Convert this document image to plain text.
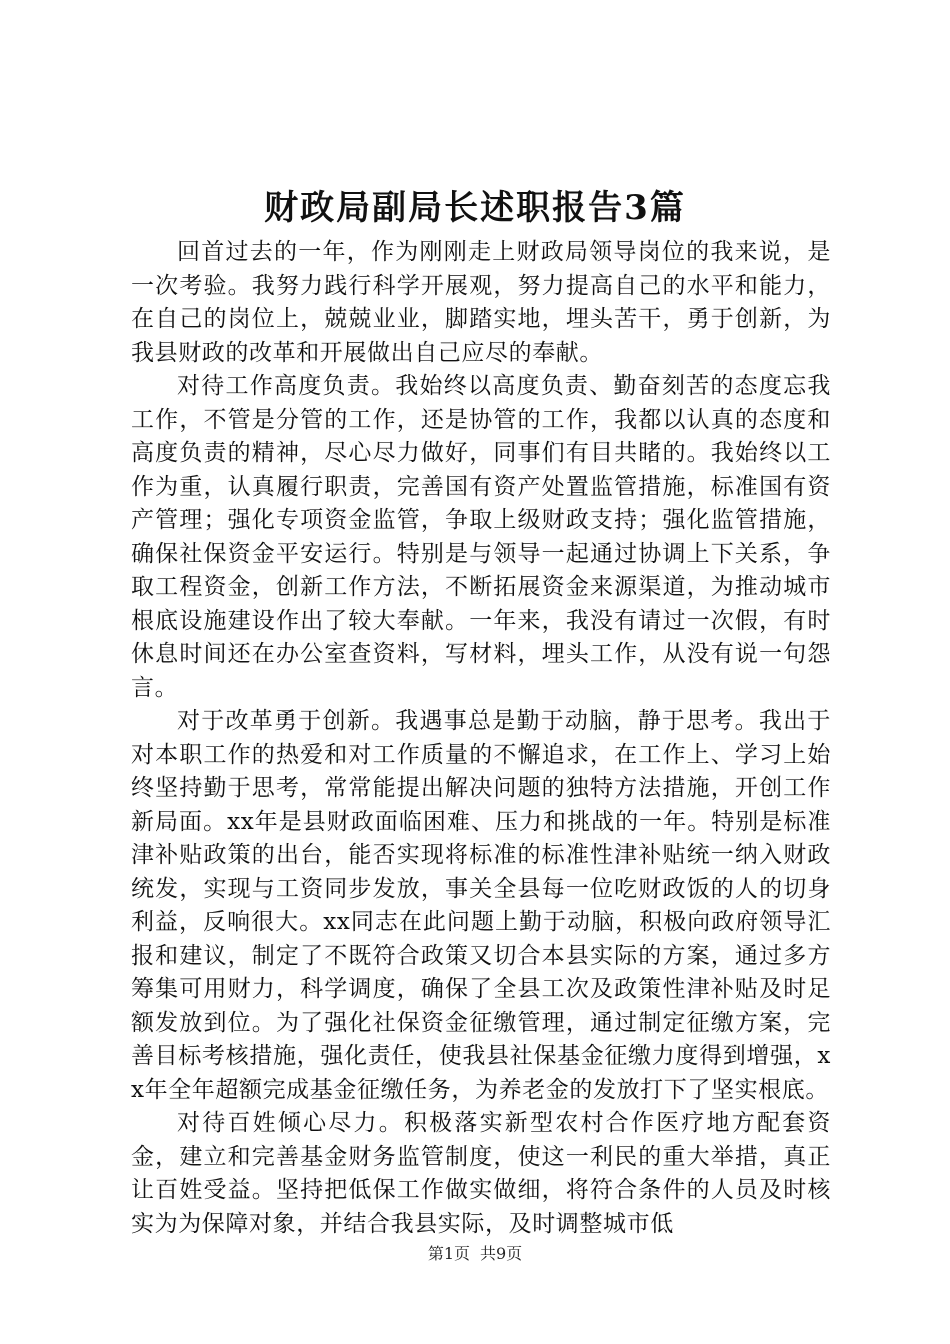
财政局副局长述职报告3篇

回首过去的一年，作为刚刚走上财政局领导岗位的我来说，是一次考验。我努力践行科学开展观，努力提高自己的水平和能力，在自己的岗位上，兢兢业业，脚踏实地，埋头苦干，勇于创新，为我县财政的改革和开展做出自己应尽的奉献。

对待工作高度负责。我始终以高度负责、勤奋刻苦的态度忘我工作，不管是分管的工作，还是协管的工作，我都以认真的态度和高度负责的精神，尽心尽力做好，同事们有目共睹的。我始终以工作为重，认真履行职责，完善国有资产处置监管措施，标准国有资产管理；强化专项资金监管，争取上级财政支持；强化监管措施，确保社保资金平安运行。特别是与领导一起通过协调上下关系，争取工程资金，创新工作方法，不断拓展资金来源渠道，为推动城市根底设施建设作出了较大奉献。一年来，我没有请过一次假，有时休息时间还在办公室查资料，写材料，埋头工作，从没有说一句怨言。

对于改革勇于创新。我遇事总是勤于动脑，静于思考。我出于对本职工作的热爱和对工作质量的不懈追求，在工作上、学习上始终坚持勤于思考，常常能提出解决问题的独特方法措施，开创工作新局面。xx年是县财政面临困难、压力和挑战的一年。特别是标准津补贴政策的出台，能否实现将标准的标准性津补贴统一纳入财政统发，实现与工资同步发放，事关全县每一位吃财政饭的人的切身利益，反响很大。xx同志在此问题上勤于动脑，积极向政府领导汇报和建议，制定了不既符合政策又切合本县实际的方案，通过多方筹集可用财力，科学调度，确保了全县工次及政策性津补贴及时足额发放到位。为了强化社保资金征缴管理，通过制定征缴方案，完善目标考核措施，强化责任，使我县社保基金征缴力度得到增强，xx年全年超额完成基金征缴任务，为养老金的发放打下了坚实根底。

对待百姓倾心尽力。积极落实新型农村合作医疗地方配套资金，建立和完善基金财务监管制度，使这一利民的重大举措，真正让百姓受益。坚持把低保工作做实做细，将符合条件的人员及时核实为为保障对象，并结合我县实际，及时调整城市低

第1页 共9页
